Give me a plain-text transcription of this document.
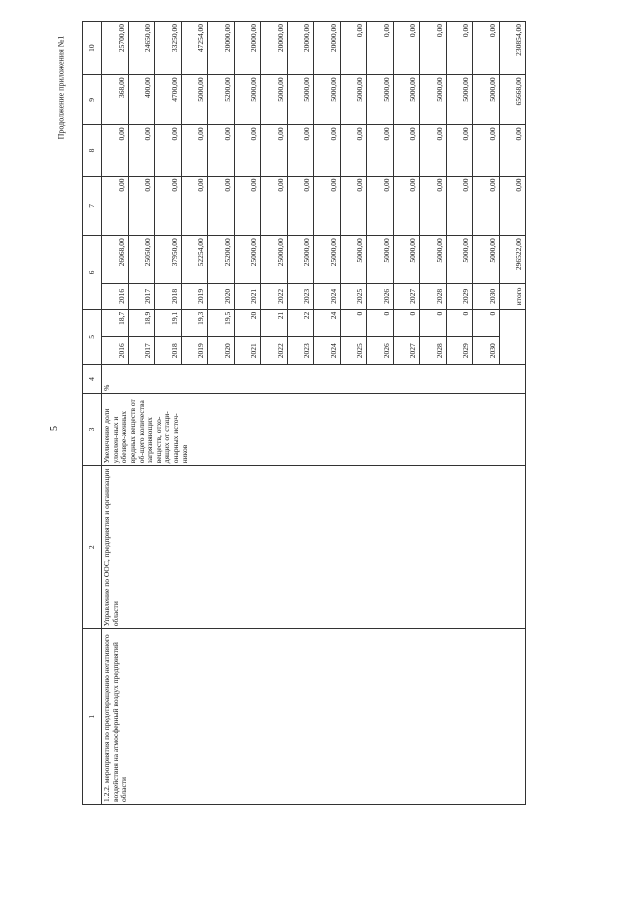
5
Продолжение приложения №1
1	2	3	4	5		6		7	8	9	10
1.2.2. мероприятия по предотвращению негативного воздействия на атмосферный воздух предприятий области	Управление по ООС, предприятия и организации области	Увеличение доли уловлен-ных и обезвре-женных вредных веществ от об-щего количества загрязняющих веществ, отхо-дящих от стаци-онарных источ-ников	%	2016	18,7	2016	26068,00	0,00	0,00	368,00	25700,00
				2017	18,9	2017	25050,00	0,00	0,00	400,00	24650,00
				2018	19,1	2018	37950,00	0,00	0,00	4700,00	33250,00
				2019	19,3	2019	52254,00	0,00	0,00	5000,00	47254,00
				2020	19,5	2020	25200,00	0,00	0,00	5200,00	20000,00
				2021	20	2021	25000,00	0,00	0,00	5000,00	20000,00
				2022	21	2022	25000,00	0,00	0,00	5000,00	20000,00
				2023	22	2023	25000,00	0,00	0,00	5000,00	20000,00
				2024	24	2024	25000,00	0,00	0,00	5000,00	20000,00
				2025	0	2025	5000,00	0,00	0,00	5000,00	0,00
				2026	0	2026	5000,00	0,00	0,00	5000,00	0,00
				2027	0	2027	5000,00	0,00	0,00	5000,00	0,00
				2028	0	2028	5000,00	0,00	0,00	5000,00	0,00
				2029	0	2029	5000,00	0,00	0,00	5000,00	0,00
				2030	0	2030	5000,00	0,00	0,00	5000,00	0,00
						итого	296522,00	0,00	0,00	65668,00	230854,00
